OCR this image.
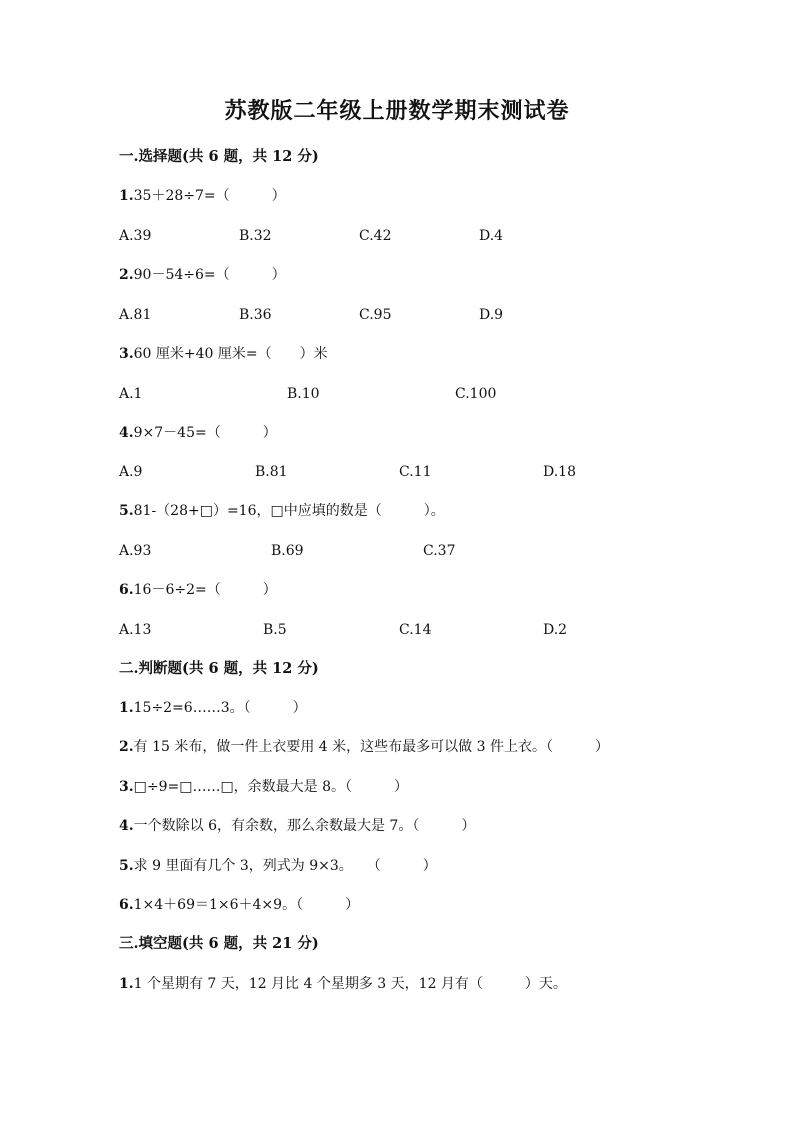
苏教版二年级上册数学期末测试卷
一.选择题(共 6 题，共 12 分)
1.35＋28÷7=（　　　）
A.39	B.32	C.42	D.4
2.90－54÷6=（　　　）
A.81	B.36	C.95	D.9
3.60 厘米+40 厘米=（　　）米
A.1	B.10	C.100
4.9×7－45=（　　　）
A.9	B.81	C.11	D.18
5.81-（28+□）=16，□中应填的数是（　　　）。
A.93	B.69	C.37
6.16－6÷2=（　　　）
A.13	B.5	C.14	D.2
二.判断题(共 6 题，共 12 分)
1.15÷2=6……3。（　　　）
2.有 15 米布，做一件上衣要用 4 米，这些布最多可以做 3 件上衣。（　　　）
3.□÷9=□……□，余数最大是 8。（　　　）
4.一个数除以 6，有余数，那么余数最大是 7。（　　　）
5.求 9 里面有几个 3，列式为 9×3。　　（　　　）
6.1×4＋69＝1×6＋4×9。（　　　）
三.填空题(共 6 题，共 21 分)
1.1 个星期有 7 天，12 月比 4 个星期多 3 天，12 月有（　　　）天。
